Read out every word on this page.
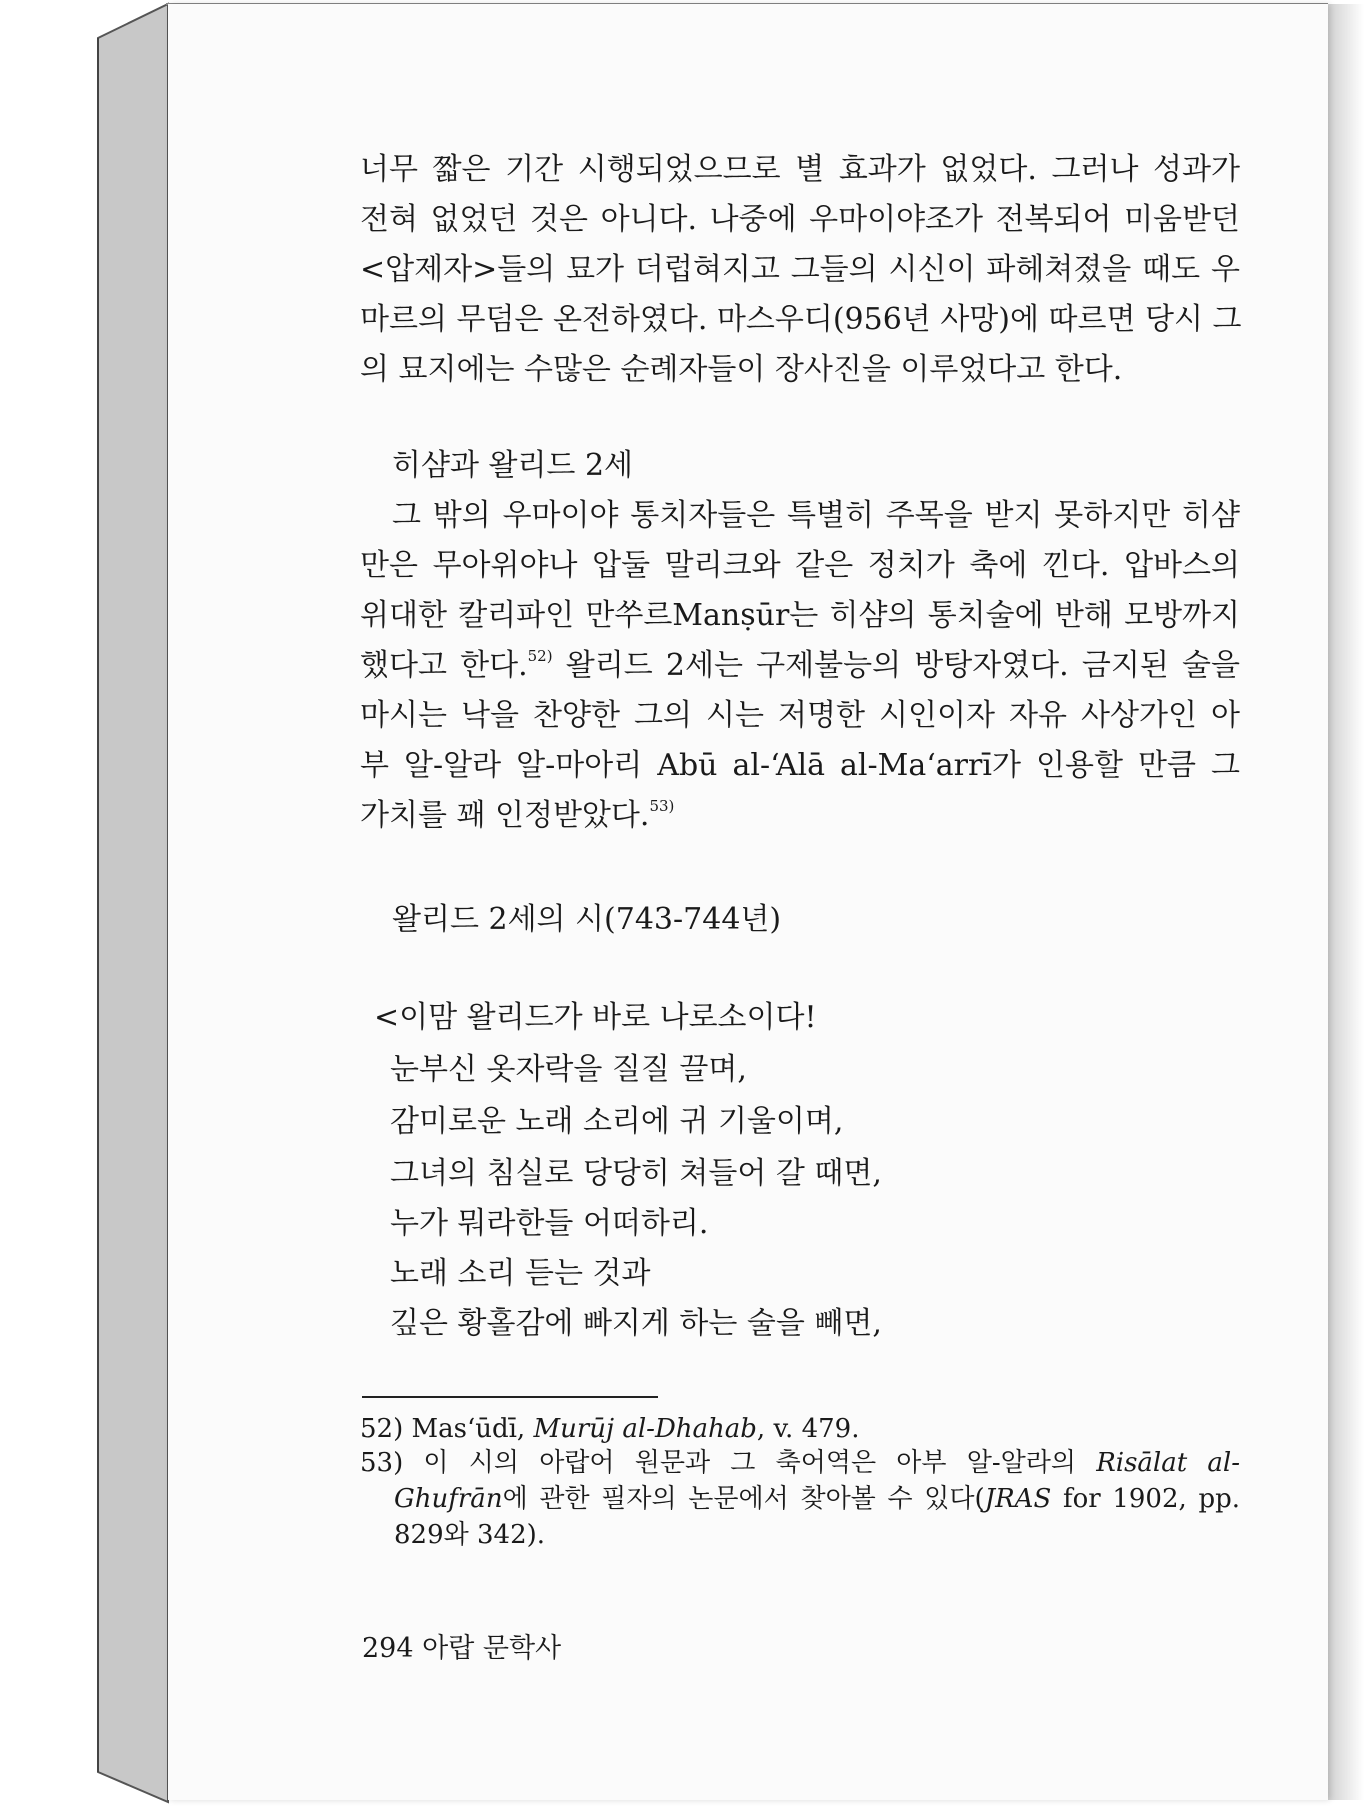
너무 짧은 기간 시행되었으므로 별 효과가 없었다. 그러나 성과가
전혀 없었던 것은 아니다. 나중에 우마이야조가 전복되어 미움받던
<압제자>들의 묘가 더럽혀지고 그들의 시신이 파헤쳐졌을 때도 우
마르의 무덤은 온전하였다. 마스우디(956년 사망)에 따르면 당시 그
의 묘지에는 수많은 순례자들이 장사진을 이루었다고 한다.
히샴과 왈리드 2세
그 밖의 우마이야 통치자들은 특별히 주목을 받지 못하지만 히샴
만은 무아위야나 압둘 말리크와 같은 정치가 축에 낀다. 압바스의
위대한 칼리파인 만쑤르Manṣūr는 히샴의 통치술에 반해 모방까지
했다고 한다.$^{52)}$ 왈리드 2세는 구제불능의 방탕자였다. 금지된 술을
마시는 낙을 찬양한 그의 시는 저명한 시인이자 자유 사상가인 아
부 알-알라 알-마아리 Abū al-‘Alā al-Ma‘arrī가 인용할 만큼 그
가치를 꽤 인정받았다.$^{53)}$
왈리드 2세의 시(743-744년)
<이맘 왈리드가 바로 나로소이다!
눈부신 옷자락을 질질 끌며,
감미로운 노래 소리에 귀 기울이며,
그녀의 침실로 당당히 쳐들어 갈 때면,
누가 뭐라한들 어떠하리.
노래 소리 듣는 것과
깊은 황홀감에 빠지게 하는 술을 빼면,
52) Mas‘ūdī, Murūj al-Dhahab, v. 479.
53) 이 시의 아랍어 원문과 그 축어역은 아부 알-알라의 Risālat al-
Ghufrān에 관한 필자의 논문에서 찾아볼 수 있다(JRAS for 1902, pp.
829와 342).
294 아랍 문학사
